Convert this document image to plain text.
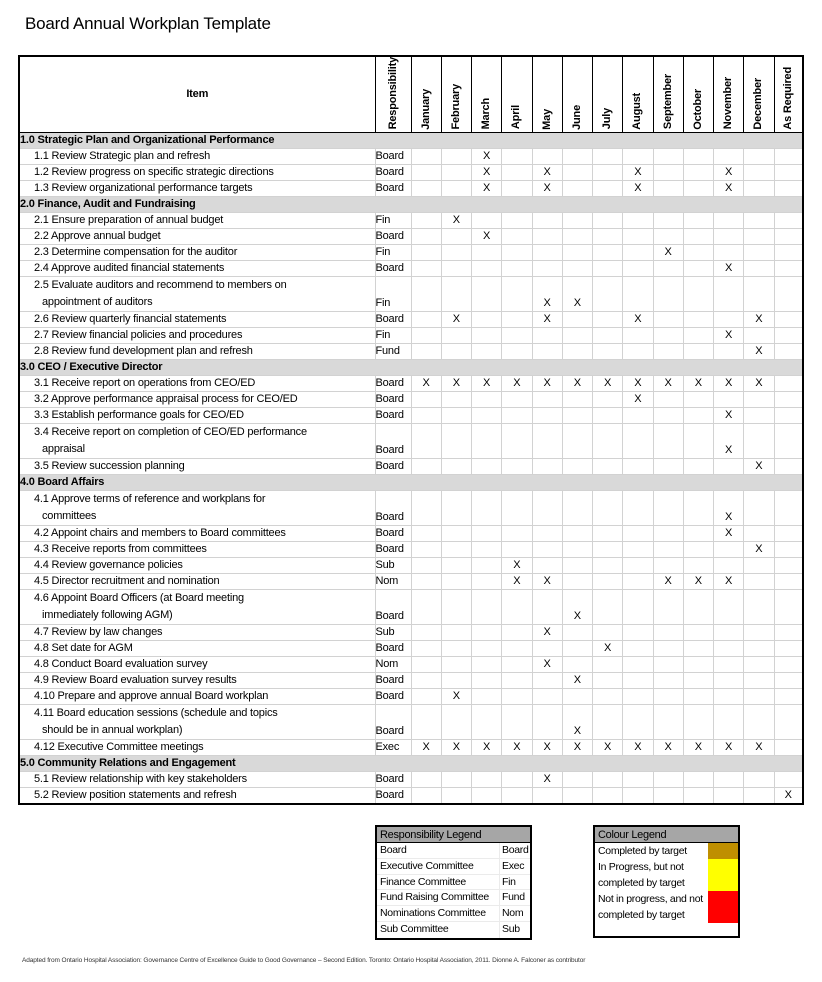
Board Annual Workplan Template
Item	Responsibility	January	February	March	April	May	June	July	August	September	October	November	December	As Required

1.0 Strategic Plan and Organizational Performance														

1.1 Review Strategic plan and refresh	Board			X										

1.2 Review progress on specific strategic directions	Board			X		X			X			X		

1.3 Review organizational performance targets	Board			X		X			X			X		
2.0 Finance, Audit and Fundraising														

2.1 Ensure preparation of annual budget	Fin		X											

2.2 Approve annual budget	Board			X										

2.3 Determine compensation for the auditor	Fin									X				

2.4 Approve audited financial statements	Board											X		

2.5 Evaluate auditors and recommend to members on
appointment of auditors	Fin					X	X							

2.6 Review quarterly financial statements	Board		X			X			X				X	

2.7 Review financial policies and procedures	Fin											X		

2.8 Review fund development plan and refresh	Fund												X	
3.0 CEO / Executive Director														

3.1 Receive report on operations from CEO/ED	Board	X	X	X	X	X	X	X	X	X	X	X	X	

3.2 Approve performance appraisal process for CEO/ED	Board								X					

3.3 Establish performance goals for CEO/ED	Board											X		

3.4 Receive report on completion of CEO/ED performance
appraisal	Board											X		

3.5 Review succession planning	Board												X	
4.0 Board Affairs														

4.1 Approve terms of reference and workplans for
committees	Board											X		

4.2 Appoint chairs and members to Board committees	Board											X		

4.3 Receive reports from committees	Board												X	

4.4 Review governance policies	Sub				X									

4.5 Director recruitment and nomination	Nom				X	X				X	X	X		

4.6 Appoint Board Officers (at Board meeting
immediately following AGM)	Board						X							

4.7 Review by law changes	Sub					X								

4.8 Set date for AGM	Board							X						

4.8 Conduct Board evaluation survey	Nom					X								

4.9 Review Board evaluation survey results	Board						X							

4.10 Prepare and approve annual Board workplan	Board		X											

4.11 Board education sessions (schedule and topics
should be in annual workplan)	Board						X							

4.12 Executive Committee meetings	Exec	X	X	X	X	X	X	X	X	X	X	X	X	
5.0 Community Relations and Engagement														

5.1 Review relationship with key stakeholders	Board					X								

5.2 Review position statements and refresh	Board													X
Responsibility Legend
Board	Board
Executive Committee	Exec
Finance Committee	Fin
Fund Raising Committee	Fund
Nominations Committee	Nom
Sub Committee	Sub
Colour Legend
Completed by target
In Progress, but not
completed by target
Not in progress, and not
completed by target
Adapted from Ontario Hospital Association: Governance Centre of Excellence Guide to Good Governance – Second Edition. Toronto: Ontario Hospital Association, 2011. Dionne A. Falconer as contributor
